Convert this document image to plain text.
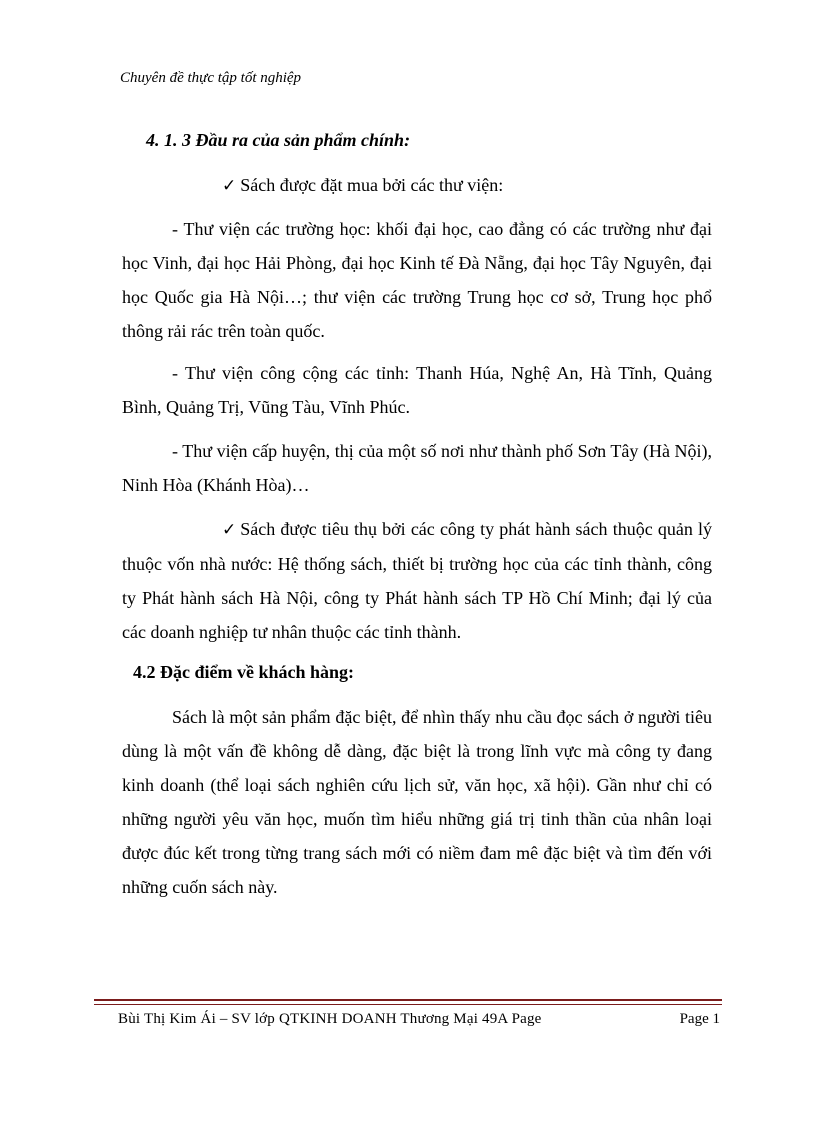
Chuyên đề thực tập tốt nghiệp
4. 1. 3 Đầu ra của sản phẩm chính:

✓ Sách được đặt mua bởi các thư viện:

- Thư viện các trường học: khối đại học, cao đẳng có các trường như đại học Vinh, đại học Hải Phòng, đại học Kinh tế Đà Nẵng, đại học Tây Nguyên, đại học Quốc gia Hà Nội…; thư viện các trường Trung học cơ sở, Trung học phổ thông rải rác trên toàn quốc.

- Thư viện công cộng các tỉnh: Thanh Húa, Nghệ An, Hà Tĩnh, Quảng Bình, Quảng Trị, Vũng Tàu, Vĩnh Phúc.

- Thư viện cấp huyện, thị của một số nơi như thành phố Sơn Tây (Hà Nội), Ninh Hòa (Khánh Hòa)…

✓ Sách được tiêu thụ bởi các công ty phát hành sách thuộc quản lý thuộc vốn nhà nước: Hệ thống sách, thiết bị trường học của các tỉnh thành, công ty Phát hành sách Hà Nội, công ty Phát hành sách TP Hồ Chí Minh; đại lý của các doanh nghiệp tư nhân thuộc các tỉnh thành.

4.2 Đặc điểm về khách hàng:

Sách là một sản phẩm đặc biệt, để nhìn thấy nhu cầu đọc sách ở người tiêu dùng là một vấn đề không dễ dàng, đặc biệt là trong lĩnh vực mà công ty đang kinh doanh (thể loại sách nghiên cứu lịch sử, văn học, xã hội). Gần như chỉ có những người yêu văn học, muốn tìm hiểu những giá trị tinh thần của nhân loại được đúc kết trong từng trang sách mới có niềm đam mê đặc biệt và tìm đến với những cuốn sách này.

Bùi Thị Kim Ái – SV lớp QTKINH DOANH Thương Mại 49A Page	Page 1
